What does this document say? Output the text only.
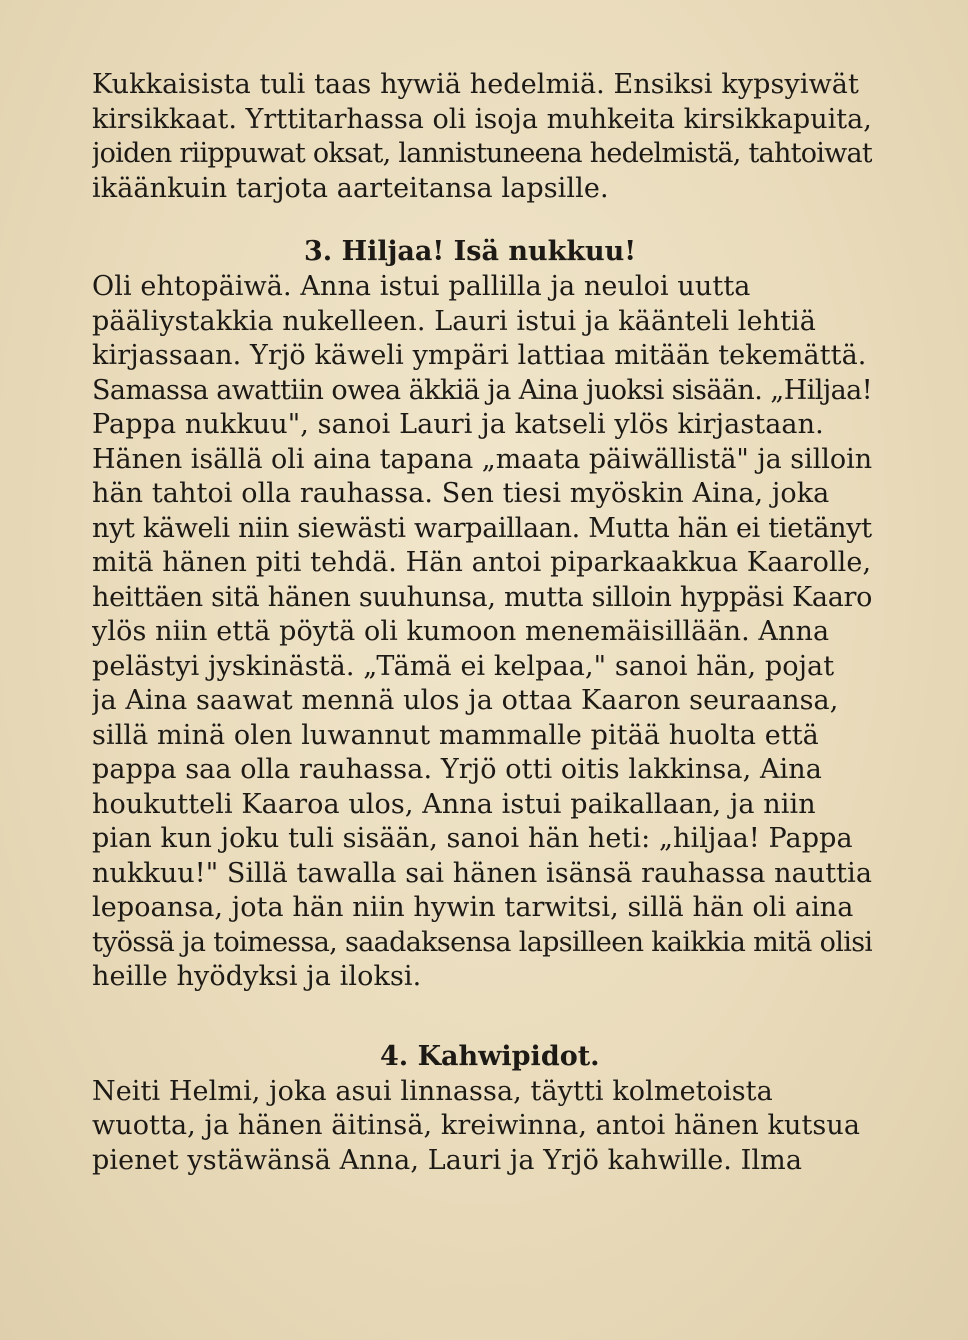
Kukkaisista tuli taas hywiä hedelmiä. Ensiksi kypsyiwät
kirsikkaat. Yrttitarhassa oli isoja muhkeita kirsikkapuita,
joiden riippuwat oksat, lannistuneena hedelmistä, tahtoiwat
ikäänkuin tarjota aarteitansa lapsille.
3. Hiljaa! Isä nukkuu!
Oli ehtopäiwä. Anna istui pallilla ja neuloi uutta
pääliystakkia nukelleen. Lauri istui ja käänteli lehtiä
kirjassaan. Yrjö käweli ympäri lattiaa mitään tekemättä.
Samassa awattiin owea äkkiä ja Aina juoksi sisään. „Hiljaa!
Pappa nukkuu", sanoi Lauri ja katseli ylös kirjastaan.
Hänen isällä oli aina tapana „maata päiwällistä" ja silloin
hän tahtoi olla rauhassa. Sen tiesi myöskin Aina, joka
nyt käweli niin siewästi warpaillaan. Mutta hän ei tietänyt
mitä hänen piti tehdä. Hän antoi piparkaakkua Kaarolle,
heittäen sitä hänen suuhunsa, mutta silloin hyppäsi Kaaro
ylös niin että pöytä oli kumoon menemäisillään. Anna
pelästyi jyskinästä. „Tämä ei kelpaa," sanoi hän, pojat
ja Aina saawat mennä ulos ja ottaa Kaaron seuraansa,
sillä minä olen luwannut mammalle pitää huolta että
pappa saa olla rauhassa. Yrjö otti oitis lakkinsa, Aina
houkutteli Kaaroa ulos, Anna istui paikallaan, ja niin
pian kun joku tuli sisään, sanoi hän heti: „hiljaa! Pappa
nukkuu!" Sillä tawalla sai hänen isänsä rauhassa nauttia
lepoansa, jota hän niin hywin tarwitsi, sillä hän oli aina
työssä ja toimessa, saadaksensa lapsilleen kaikkia mitä olisi
heille hyödyksi ja iloksi.
4. Kahwipidot.
Neiti Helmi, joka asui linnassa, täytti kolmetoista
wuotta, ja hänen äitinsä, kreiwinna, antoi hänen kutsua
pienet ystäwänsä Anna, Lauri ja Yrjö kahwille. Ilma
